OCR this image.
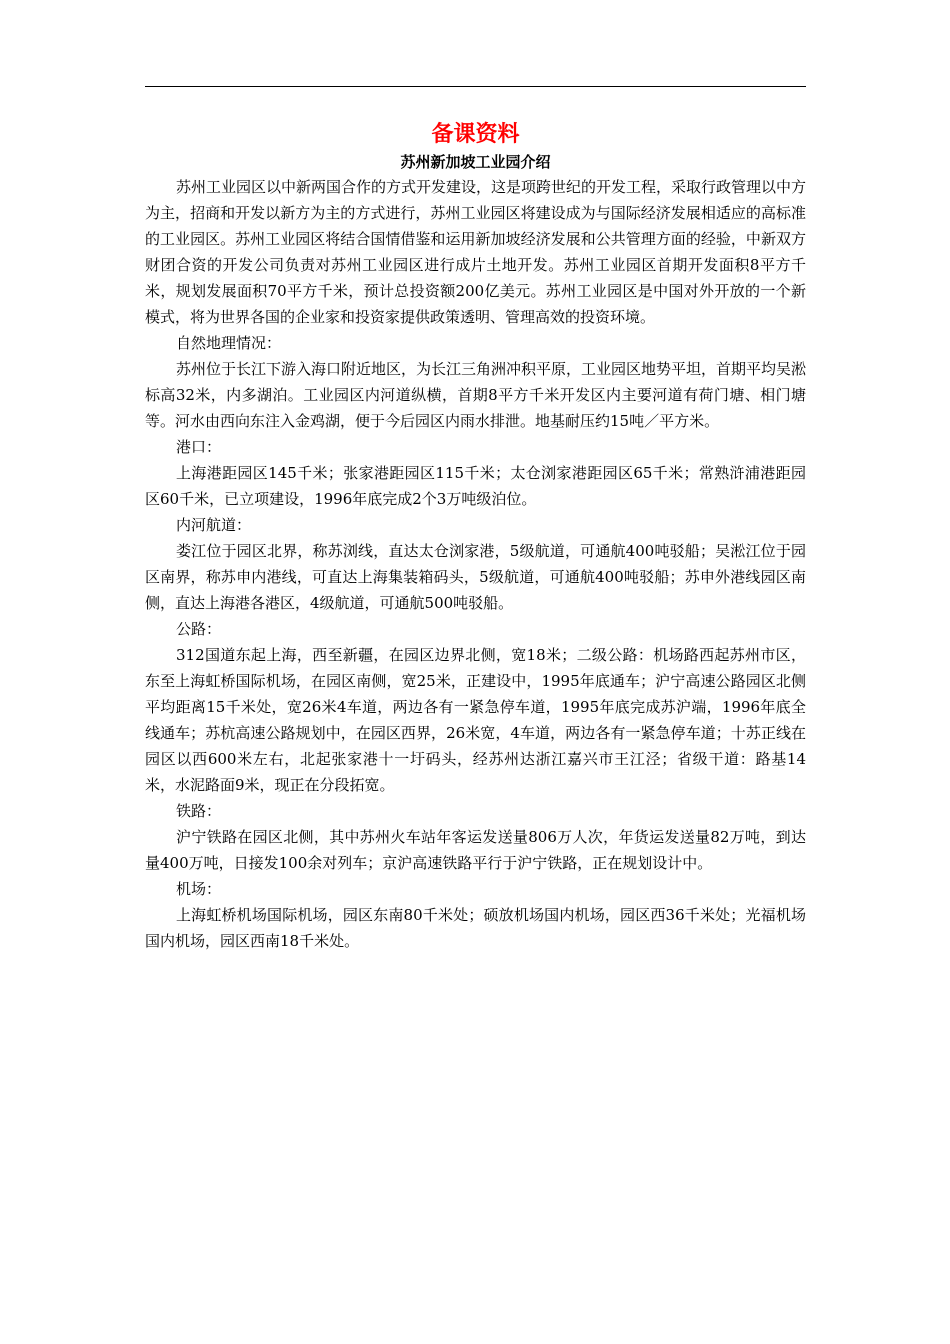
备课资料
苏州新加坡工业园介绍

苏州工业园区以中新两国合作的方式开发建设，这是项跨世纪的开发工程，采取行政管理以中方为主，招商和开发以新方为主的方式进行，苏州工业园区将建设成为与国际经济发展相适应的高标准的工业园区。苏州工业园区将结合国情借鉴和运用新加坡经济发展和公共管理方面的经验，中新双方财团合资的开发公司负责对苏州工业园区进行成片土地开发。苏州工业园区首期开发面积8平方千米，规划发展面积70平方千米，预计总投资额200亿美元。苏州工业园区是中国对外开放的一个新模式，将为世界各国的企业家和投资家提供政策透明、管理高效的投资环境。

自然地理情况：

苏州位于长江下游入海口附近地区，为长江三角洲冲积平原，工业园区地势平坦，首期平均吴淞标高32米，内多湖泊。工业园区内河道纵横，首期8平方千米开发区内主要河道有荷门塘、相门塘等。河水由西向东注入金鸡湖，便于今后园区内雨水排泄。地基耐压约15吨／平方米。

港口：

上海港距园区145千米；张家港距园区115千米；太仓浏家港距园区65千米；常熟浒浦港距园区60千米，已立项建设，1996年底完成2个3万吨级泊位。

内河航道：

娄江位于园区北界，称苏浏线，直达太仓浏家港，5级航道，可通航400吨驳船；吴淞江位于园区南界，称苏申内港线，可直达上海集装箱码头，5级航道，可通航400吨驳船；苏申外港线园区南侧，直达上海港各港区，4级航道，可通航500吨驳船。

公路：

312国道东起上海，西至新疆，在园区边界北侧，宽18米；二级公路：机场路西起苏州市区，东至上海虹桥国际机场，在园区南侧，宽25米，正建设中，1995年底通车；沪宁高速公路园区北侧平均距离15千米处，宽26米4车道，两边各有一紧急停车道，1995年底完成苏沪端，1996年底全线通车；苏杭高速公路规划中，在园区西界，26米宽，4车道，两边各有一紧急停车道；十苏正线在园区以西600米左右，北起张家港十一圩码头，经苏州达浙江嘉兴市王江泾；省级干道：路基14米，水泥路面9米，现正在分段拓宽。

铁路：

沪宁铁路在园区北侧，其中苏州火车站年客运发送量806万人次，年货运发送量82万吨，到达量400万吨，日接发100余对列车；京沪高速铁路平行于沪宁铁路，正在规划设计中。

机场：

上海虹桥机场国际机场，园区东南80千米处；硕放机场国内机场，园区西36千米处；光福机场国内机场，园区西南18千米处。
